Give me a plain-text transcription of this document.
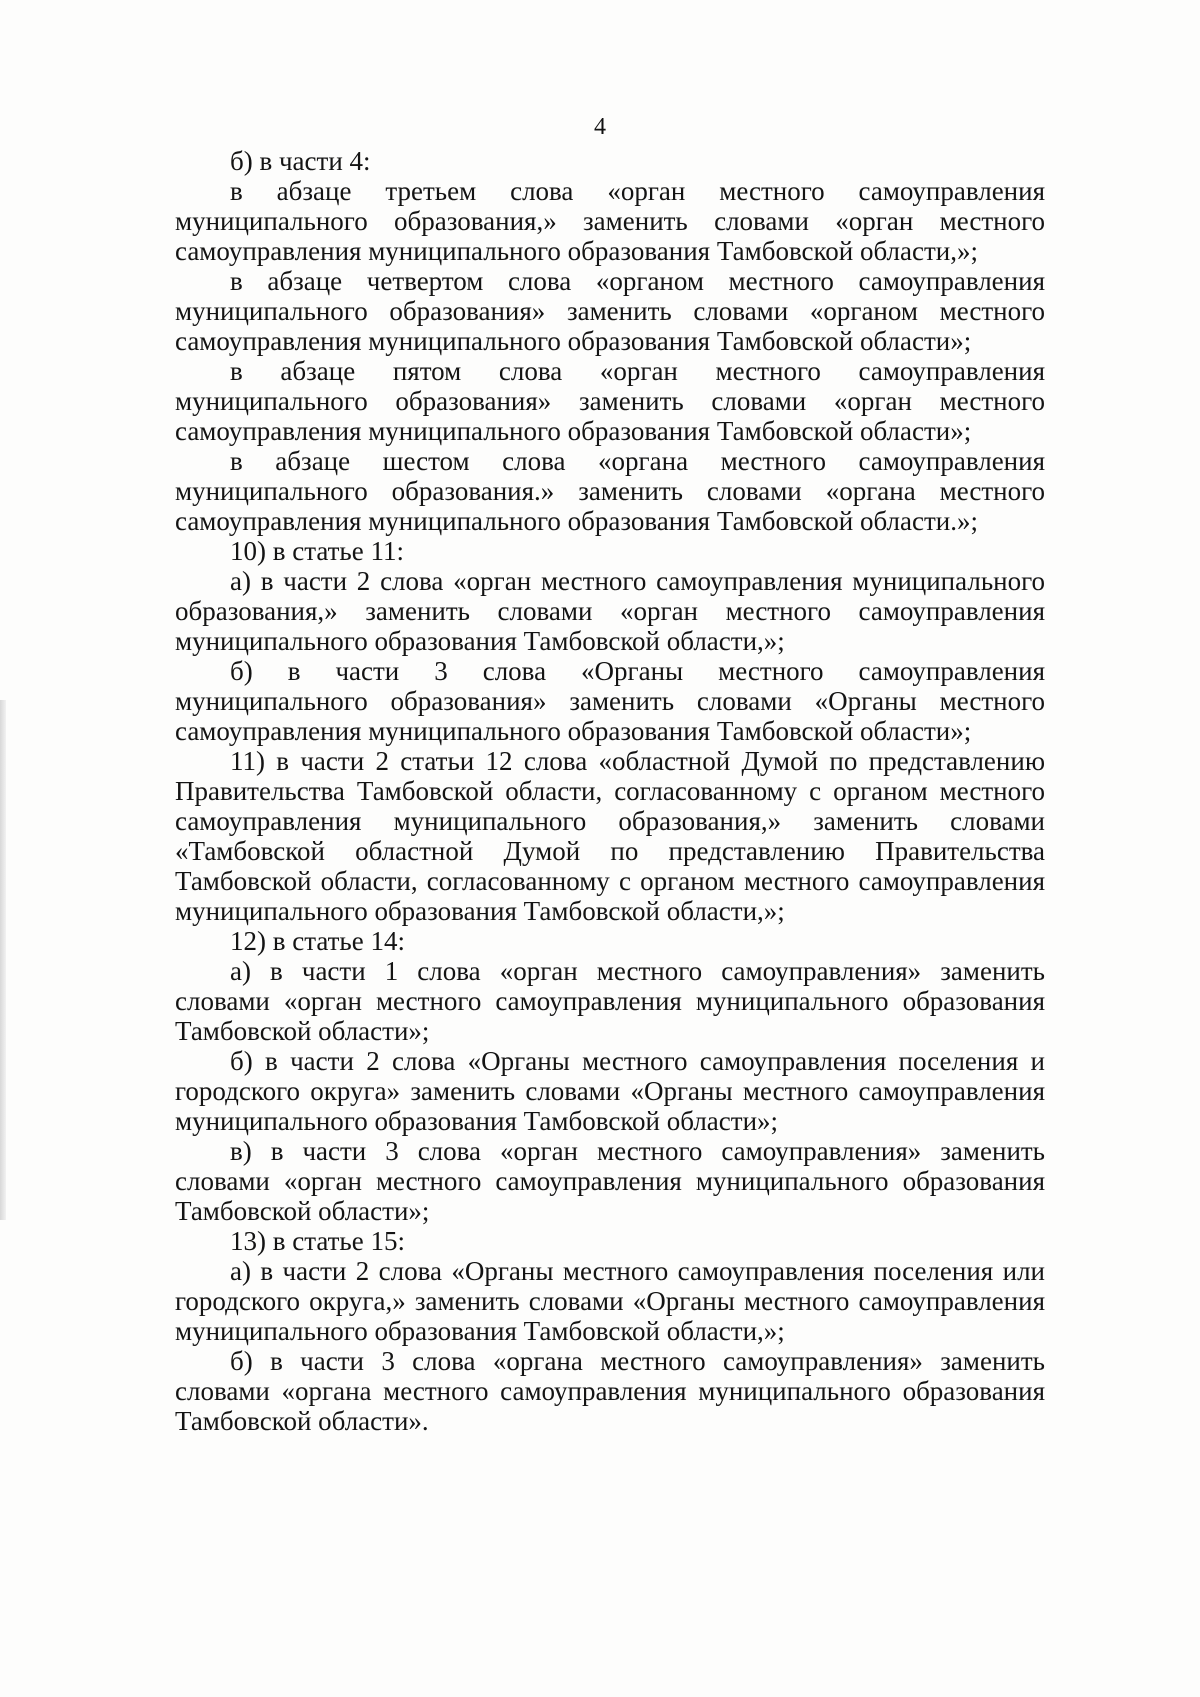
4

б) в части 4:

в абзаце третьем слова «орган местного самоуправления муниципального образования,» заменить словами «орган местного самоуправления муниципального образования Тамбовской области,»;

в абзаце четвертом слова «органом местного самоуправления муниципального образования» заменить словами «органом местного самоуправления муниципального образования Тамбовской области»;

в абзаце пятом слова «орган местного самоуправления муниципального образования» заменить словами «орган местного самоуправления муниципального образования Тамбовской области»;

в абзаце шестом слова «органа местного самоуправления муниципального образования.» заменить словами «органа местного самоуправления муниципального образования Тамбовской области.»;

10) в статье 11:

а) в части 2 слова «орган местного самоуправления муниципального образования,» заменить словами «орган местного самоуправления муниципального образования Тамбовской области,»;

б) в части 3 слова «Органы местного самоуправления муниципального образования» заменить словами «Органы местного самоуправления муниципального образования Тамбовской области»;

11) в части 2 статьи 12 слова «областной Думой по представлению Правительства Тамбовской области, согласованному с органом местного самоуправления муниципального образования,» заменить словами «Тамбовской областной Думой по представлению Правительства Тамбовской области, согласованному с органом местного самоуправления муниципального образования Тамбовской области,»;

12) в статье 14:

а) в части 1 слова «орган местного самоуправления» заменить словами «орган местного самоуправления муниципального образования Тамбовской области»;

б) в части 2 слова «Органы местного самоуправления поселения и городского округа» заменить словами «Органы местного самоуправления муниципального образования Тамбовской области»;

в) в части 3 слова «орган местного самоуправления» заменить словами «орган местного самоуправления муниципального образования Тамбовской области»;

13) в статье 15:

а) в части 2 слова «Органы местного самоуправления поселения или городского округа,» заменить словами «Органы местного самоуправления муниципального образования Тамбовской области,»;

б) в части 3 слова «органа местного самоуправления» заменить словами «органа местного самоуправления муниципального образования Тамбовской области».
